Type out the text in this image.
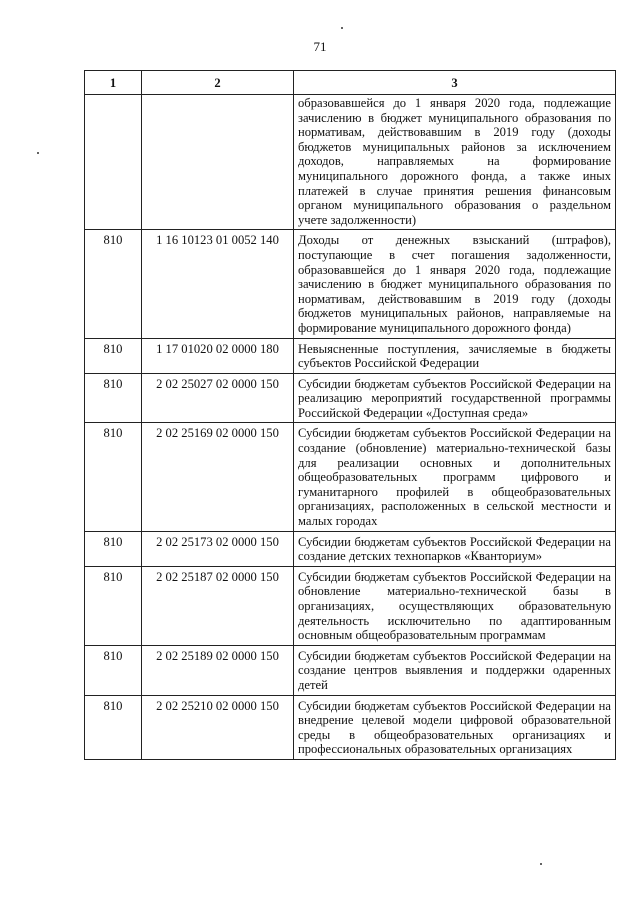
71
1	2	3
		образовавшейся до 1 января 2020 года, подлежащие зачислению в бюджет муниципального образования по нормативам, действовавшим в 2019 году (доходы бюджетов муниципальных районов за исключением доходов, направляемых на формирование муниципального дорожного фонда, а также иных платежей в случае принятия решения финансовым органом муниципального образования о раздельном учете задолженности)
810	1 16 10123 01 0052 140	Доходы от денежных взысканий (штрафов), поступающие в счет погашения задолженности, образовавшейся до 1 января 2020 года, подлежащие зачислению в бюджет муниципального образования по нормативам, действовавшим в 2019 году (доходы бюджетов муниципальных районов, направляемые на формирование муниципального дорожного фонда)
810	1 17 01020 02 0000 180	Невыясненные поступления, зачисляемые в бюджеты субъектов Российской Федерации
810	2 02 25027 02 0000 150	Субсидии бюджетам субъектов Российской Федерации на реализацию мероприятий государственной программы Российской Федерации «Доступная среда»
810	2 02 25169 02 0000 150	Субсидии бюджетам субъектов Российской Федерации на создание (обновление) материально-технической базы для реализации основных и дополнительных общеобразовательных программ цифрового и гуманитарного профилей в общеобразовательных организациях, расположенных в сельской местности и малых городах
810	2 02 25173 02 0000 150	Субсидии бюджетам субъектов Российской Федерации на создание детских технопарков «Кванториум»
810	2 02 25187 02 0000 150	Субсидии бюджетам субъектов Российской Федерации на обновление материально-технической базы в организациях, осуществляющих образовательную деятельность исключительно по адаптированным основным общеобразовательным программам
810	2 02 25189 02 0000 150	Субсидии бюджетам субъектов Российской Федерации на создание центров выявления и поддержки одаренных детей
810	2 02 25210 02 0000 150	Субсидии бюджетам субъектов Российской Федерации на внедрение целевой модели цифровой образовательной среды в общеобразовательных организациях и профессиональных образовательных организациях
